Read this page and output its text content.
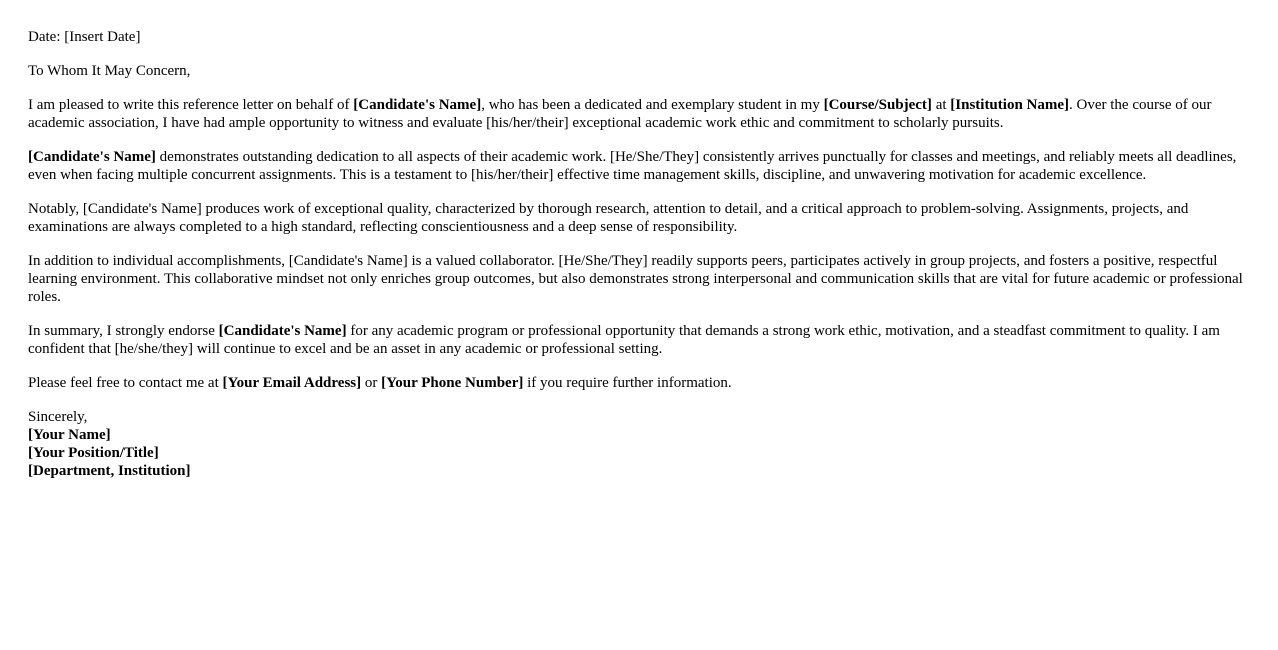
Date: [Insert Date]

To Whom It May Concern,

I am pleased to write this reference letter on behalf of [Candidate's Name], who has been a dedicated and exemplary student in my [Course/Subject] at [Institution Name]. Over the course of our academic association, I have had ample opportunity to witness and evaluate [his/her/their] exceptional academic work ethic and commitment to scholarly pursuits.

[Candidate's Name] demonstrates outstanding dedication to all aspects of their academic work. [He/She/They] consistently arrives punctually for classes and meetings, and reliably meets all deadlines, even when facing multiple concurrent assignments. This is a testament to [his/her/their] effective time management skills, discipline, and unwavering motivation for academic excellence.

Notably, [Candidate's Name] produces work of exceptional quality, characterized by thorough research, attention to detail, and a critical approach to problem-solving. Assignments, projects, and examinations are always completed to a high standard, reflecting conscientiousness and a deep sense of responsibility.

In addition to individual accomplishments, [Candidate's Name] is a valued collaborator. [He/She/They] readily supports peers, participates actively in group projects, and fosters a positive, respectful learning environment. This collaborative mindset not only enriches group outcomes, but also demonstrates strong interpersonal and communication skills that are vital for future academic or professional roles.

In summary, I strongly endorse [Candidate's Name] for any academic program or professional opportunity that demands a strong work ethic, motivation, and a steadfast commitment to quality. I am confident that [he/she/they] will continue to excel and be an asset in any academic or professional setting.

Please feel free to contact me at [Your Email Address] or [Your Phone Number] if you require further information.

Sincerely,
[Your Name]
[Your Position/Title]
[Department, Institution]
